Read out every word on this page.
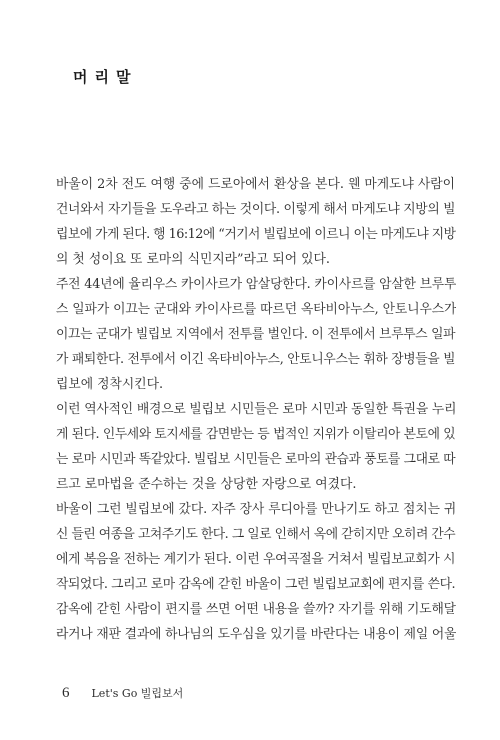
머리말
바울이 2차 전도 여행 중에 드로아에서 환상을 본다. 웬 마게도냐 사람이
건너와서 자기들을 도우라고 하는 것이다. 이렇게 해서 마게도냐 지방의 빌
립보에 가게 된다. 행 16:12에 “거기서 빌립보에 이르니 이는 마게도냐 지방
의 첫 성이요 또 로마의 식민지라”라고 되어 있다.
주전 44년에 율리우스 카이사르가 암살당한다. 카이사르를 암살한 브루투
스 일파가 이끄는 군대와 카이사르를 따르던 옥타비아누스, 안토니우스가
이끄는 군대가 빌립보 지역에서 전투를 벌인다. 이 전투에서 브루투스 일파
가 패퇴한다. 전투에서 이긴 옥타비아누스, 안토니우스는 휘하 장병들을 빌
립보에 정착시킨다.
이런 역사적인 배경으로 빌립보 시민들은 로마 시민과 동일한 특권을 누리
게 된다. 인두세와 토지세를 감면받는 등 법적인 지위가 이탈리아 본토에 있
는 로마 시민과 똑같았다. 빌립보 시민들은 로마의 관습과 풍토를 그대로 따
르고 로마법을 준수하는 것을 상당한 자랑으로 여겼다.
바울이 그런 빌립보에 갔다. 자주 장사 루디아를 만나기도 하고 점치는 귀
신 들린 여종을 고쳐주기도 한다. 그 일로 인해서 옥에 갇히지만 오히려 간수
에게 복음을 전하는 계기가 된다. 이런 우여곡절을 거쳐서 빌립보교회가 시
작되었다. 그리고 로마 감옥에 갇힌 바울이 그런 빌립보교회에 편지를 쓴다.
감옥에 갇힌 사람이 편지를 쓰면 어떤 내용을 쓸까? 자기를 위해 기도해달
라거나 재판 결과에 하나님의 도우심을 있기를 바란다는 내용이 제일 어울
6 Let's Go 빌립보서
